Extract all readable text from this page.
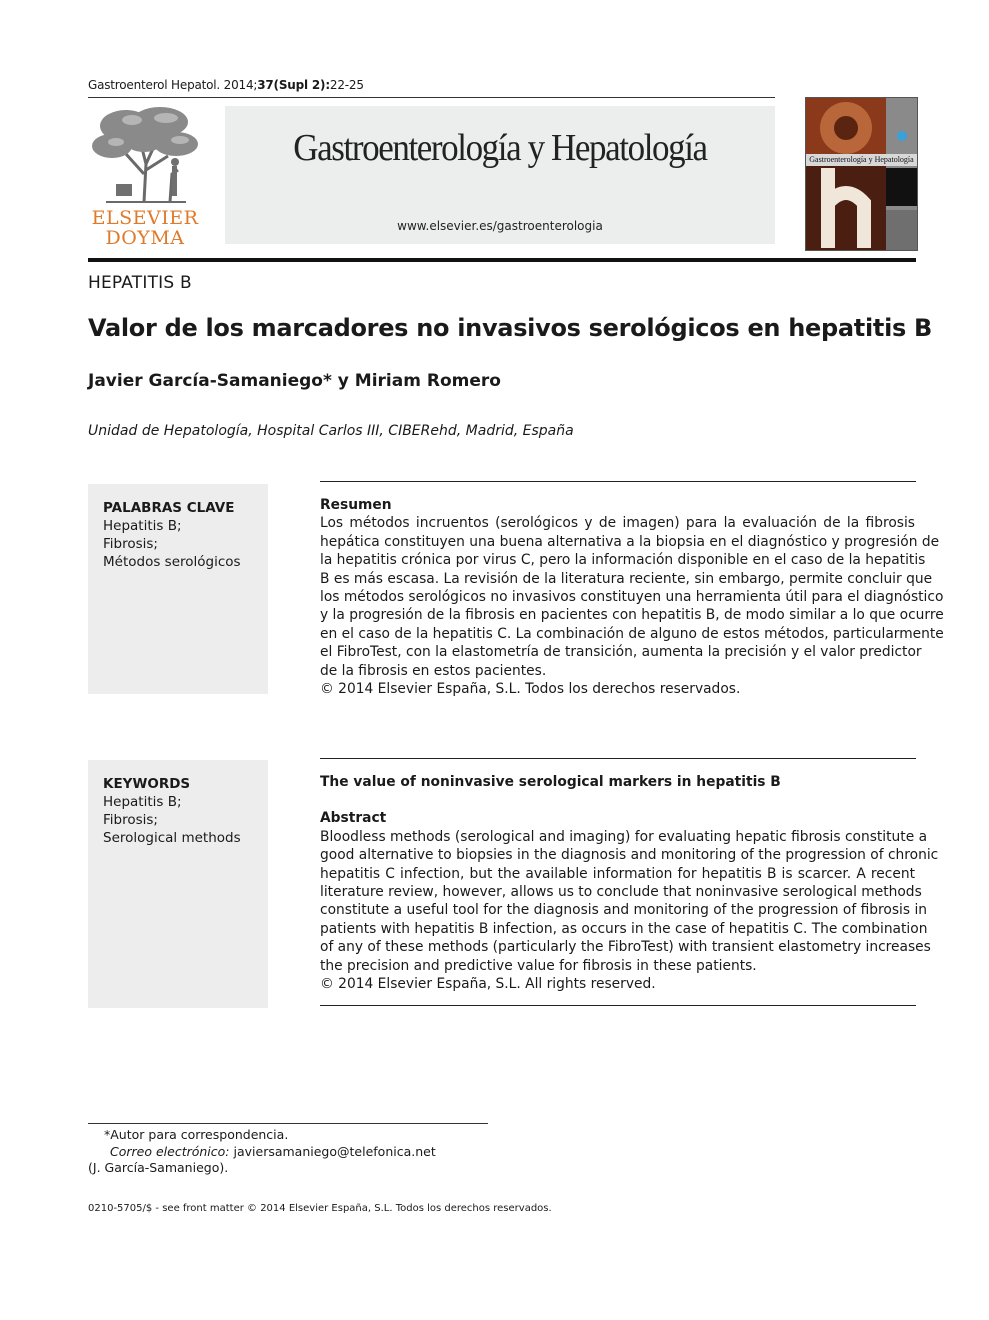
Gastroenterol Hepatol. 2014;37(Supl 2):22-25
ELSEVIER
DOYMA
Gastroenterología y Hepatología
www.elsevier.es/gastroenterologia
Gastroenterología y Hepatología
HEPATITIS B
Valor de los marcadores no invasivos serológicos en hepatitis B
Javier García-Samaniego* y Miriam Romero
Unidad de Hepatología, Hospital Carlos III, CIBERehd, Madrid, España
PALABRAS CLAVE
Hepatitis B;
Fibrosis;
Métodos serológicos
Resumen
Los métodos incruentos (serológicos y de imagen) para la evaluación de la fibrosis
hepática constituyen una buena alternativa a la biopsia en el diagnóstico y progresión de
la hepatitis crónica por virus C, pero la información disponible en el caso de la hepatitis
B es más escasa. La revisión de la literatura reciente, sin embargo, permite concluir que
los métodos serológicos no invasivos constituyen una herramienta útil para el diagnóstico
y la progresión de la fibrosis en pacientes con hepatitis B, de modo similar a lo que ocurre
en el caso de la hepatitis C. La combinación de alguno de estos métodos, particularmente
el FibroTest, con la elastometría de transición, aumenta la precisión y el valor predictor
de la fibrosis en estos pacientes.
© 2014 Elsevier España, S.L. Todos los derechos reservados.
KEYWORDS
Hepatitis B;
Fibrosis;
Serological methods
The value of noninvasive serological markers in hepatitis B
Abstract
Bloodless methods (serological and imaging) for evaluating hepatic fibrosis constitute a
good alternative to biopsies in the diagnosis and monitoring of the progression of chronic
hepatitis C infection, but the available information for hepatitis B is scarcer. A recent
literature review, however, allows us to conclude that noninvasive serological methods
constitute a useful tool for the diagnosis and monitoring of the progression of fibrosis in
patients with hepatitis B infection, as occurs in the case of hepatitis C. The combination
of any of these methods (particularly the FibroTest) with transient elastometry increases
the precision and predictive value for fibrosis in these patients.
© 2014 Elsevier España, S.L. All rights reserved.
*Autor para correspondencia.
Correo electrónico: javiersamaniego@telefonica.net
(J. García-Samaniego).
0210-5705/$ - see front matter © 2014 Elsevier España, S.L. Todos los derechos reservados.
